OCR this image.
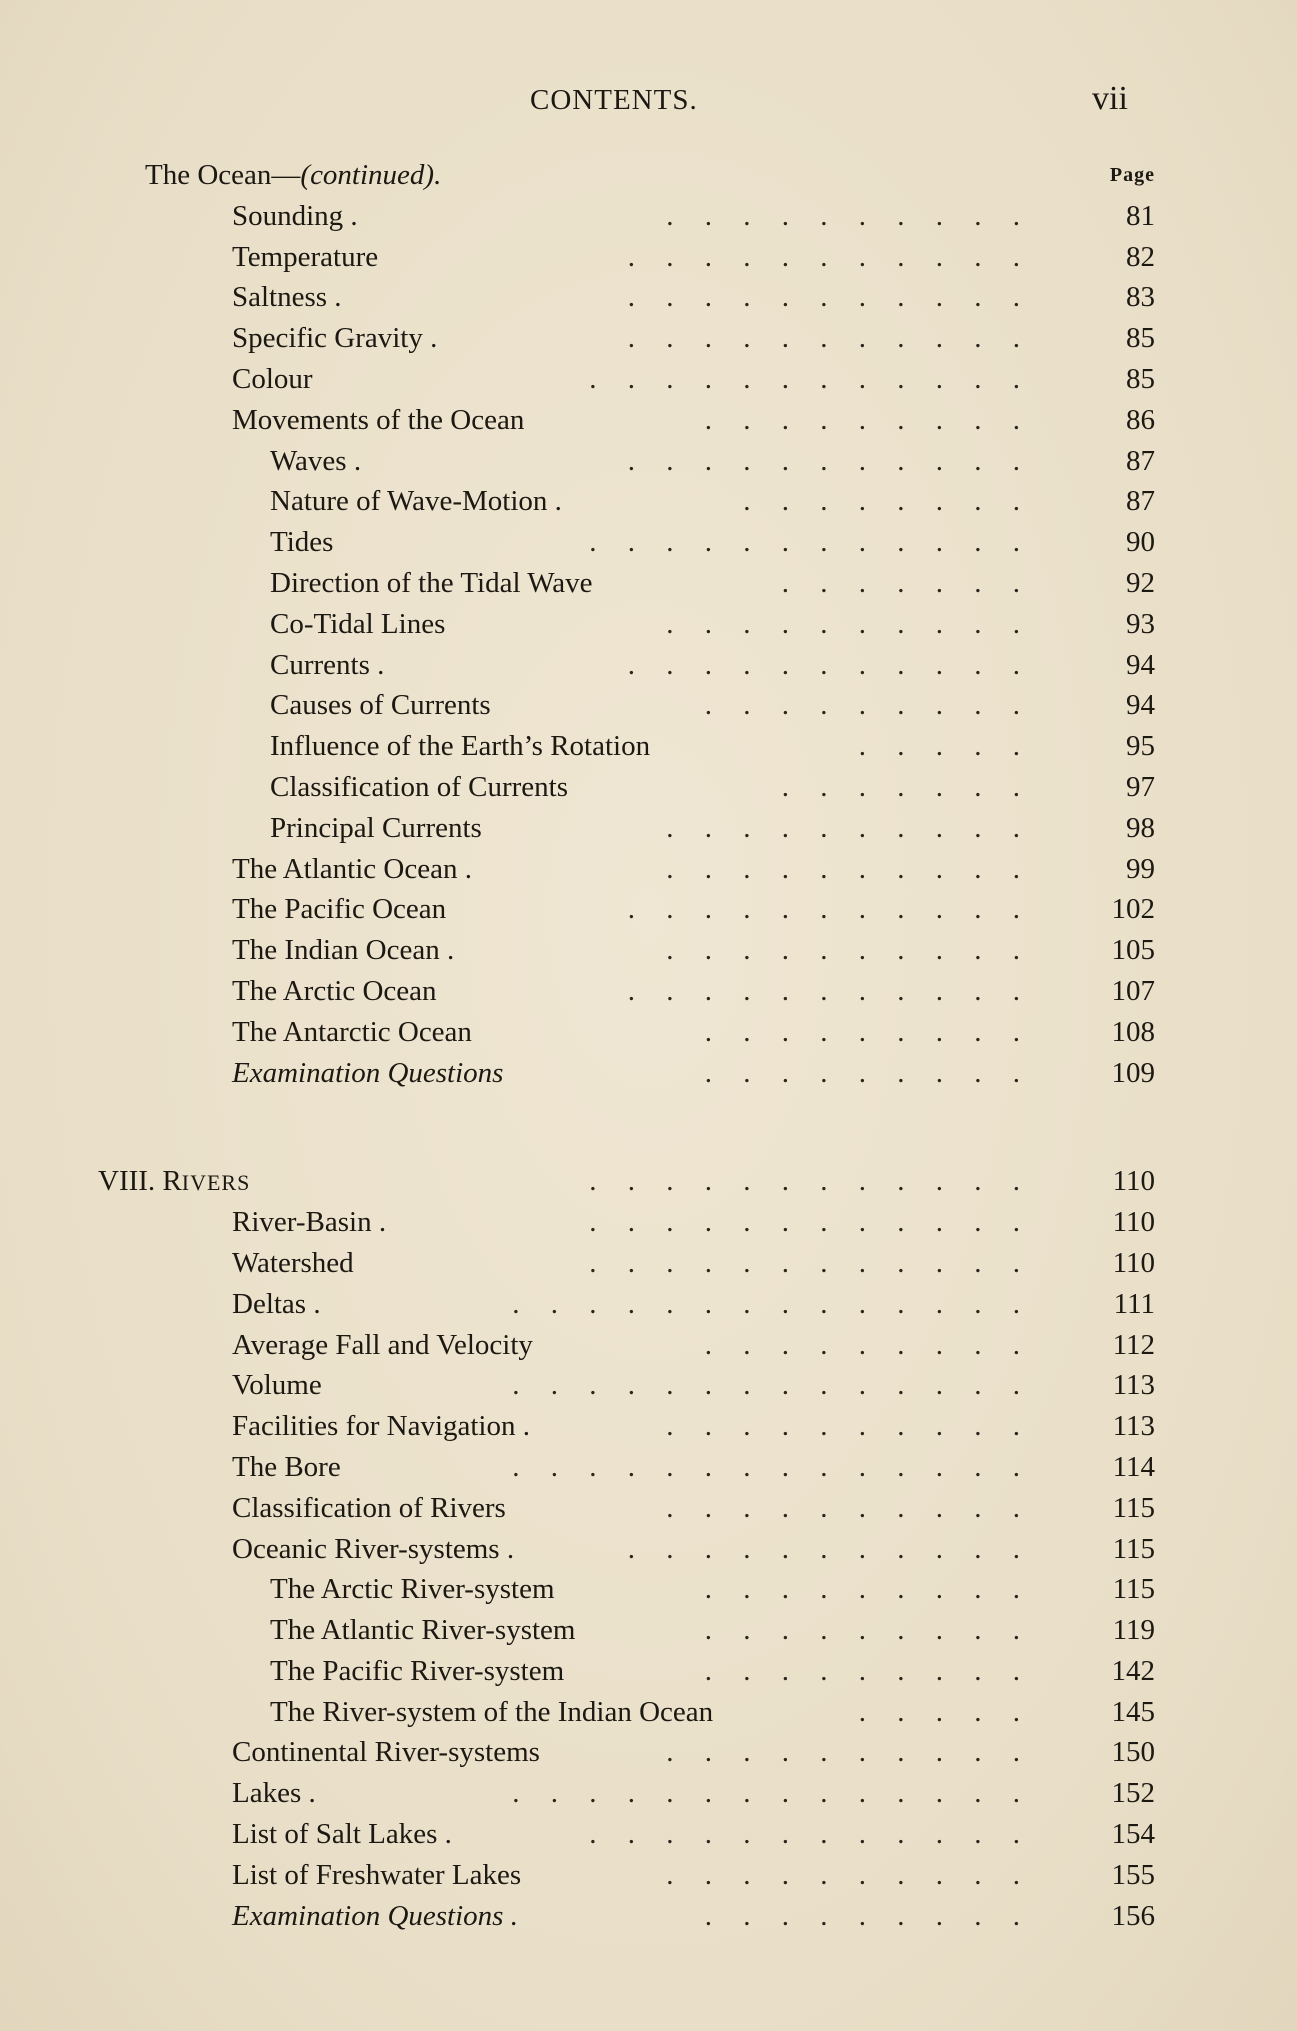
CONTENTS.	vii
The Ocean—(continued).	Page
Sounding .	. . . . . . . . . .	81
Temperature	. . . . . . . . . . .	82
Saltness .	. . . . . . . . . . .	83
Specific Gravity .	. . . . . . . . . . .	85
Colour	. . . . . . . . . . . .	85
Movements of the Ocean	. . . . . . . . .	86
Waves .	. . . . . . . . . . .	87
Nature of Wave-Motion .	. . . . . . . .	87
Tides	. . . . . . . . . . . .	90
Direction of the Tidal Wave	. . . . . . .	92
Co-Tidal Lines	. . . . . . . . . .	93
Currents .	. . . . . . . . . . .	94
Causes of Currents	. . . . . . . . .	94
Influence of the Earth’s Rotation	. . . . .	95
Classification of Currents	. . . . . . .	97
Principal Currents	. . . . . . . . . .	98
The Atlantic Ocean .	. . . . . . . . . .	99
The Pacific Ocean	. . . . . . . . . . .	102
The Indian Ocean .	. . . . . . . . . .	105
The Arctic Ocean	. . . . . . . . . . .	107
The Antarctic Ocean	. . . . . . . . .	108
Examination Questions	. . . . . . . . .	109
VIII. RIVERS	. . . . . . . . . . . .	110
River-Basin .	. . . . . . . . . . . .	110
Watershed	. . . . . . . . . . . .	110
Deltas .	. . . . . . . . . . . . . .	111
Average Fall and Velocity	. . . . . . . . .	112
Volume	. . . . . . . . . . . . . .	113
Facilities for Navigation .	. . . . . . . . . .	113
The Bore	. . . . . . . . . . . . . .	114
Classification of Rivers	. . . . . . . . . .	115
Oceanic River-systems .	. . . . . . . . . . .	115
The Arctic River-system	. . . . . . . . .	115
The Atlantic River-system	. . . . . . . . .	119
The Pacific River-system	. . . . . . . . .	142
The River-system of the Indian Ocean	. . . . .	145
Continental River-systems	. . . . . . . . . .	150
Lakes .	. . . . . . . . . . . . . .	152
List of Salt Lakes .	. . . . . . . . . . . .	154
List of Freshwater Lakes	. . . . . . . . . .	155
Examination Questions .	. . . . . . . . .	156
